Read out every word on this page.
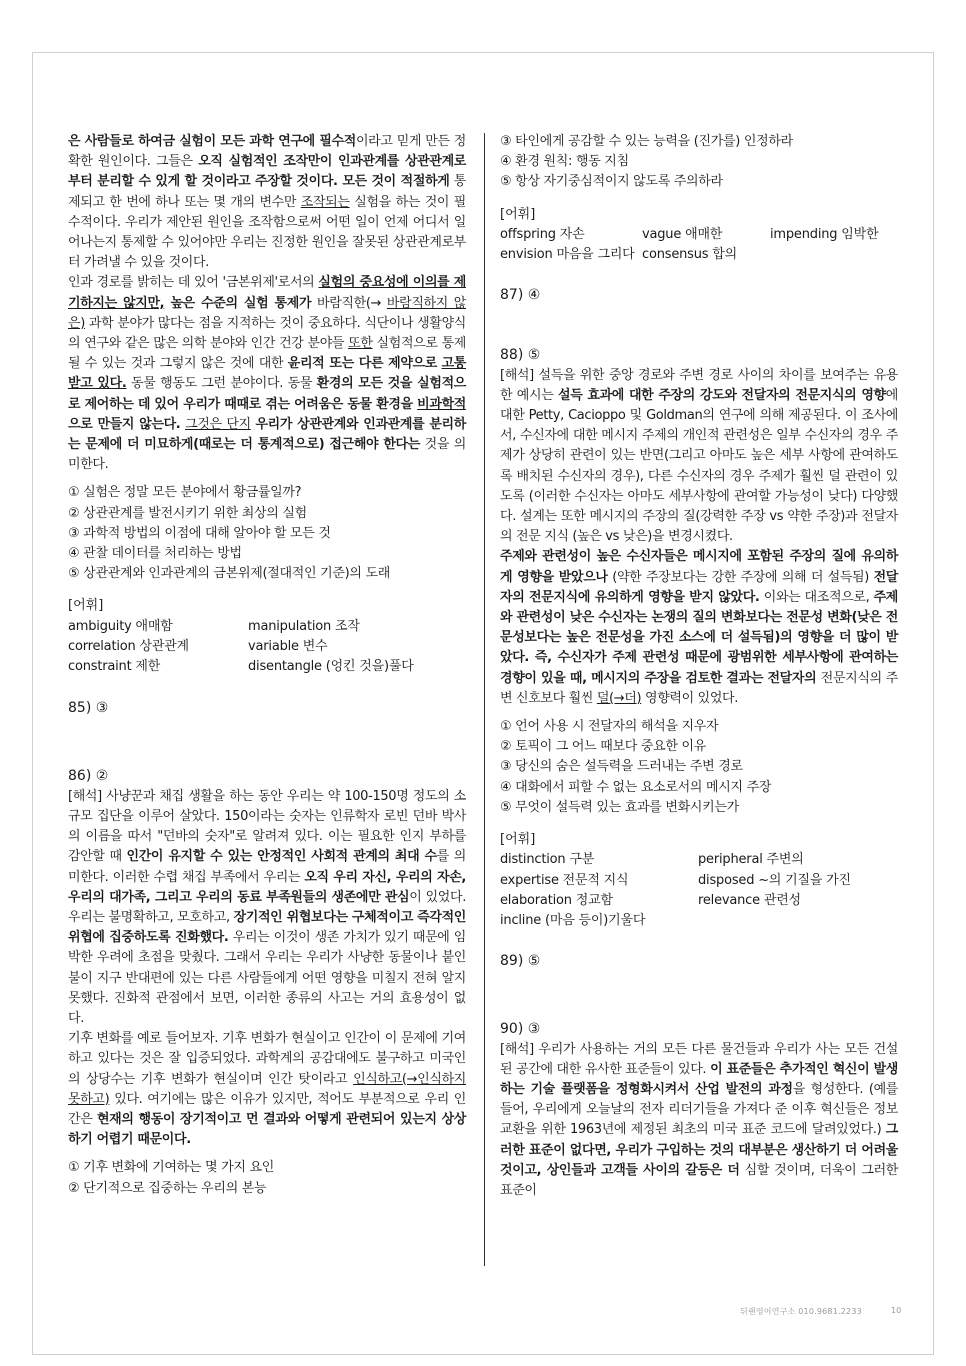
은 사람들로 하여금 실험이 모든 과학 연구에 필수적이라고 믿게 만든 정확한 원인이다. 그들은 오직 실험적인 조작만이 인과관계를 상관관계로부터 분리할 수 있게 할 것이라고 주장할 것이다. 모든 것이 적절하게 통제되고 한 번에 하나 또는 몇 개의 변수만 조작되는 실험을 하는 것이 필수적이다. 우리가 제안된 원인을 조작함으로써 어떤 일이 언제 어디서 일어나는지 통제할 수 있어야만 우리는 진정한 원인을 잘못된 상관관계로부터 가려낼 수 있을 것이다.

인과 경로를 밝히는 데 있어 '금본위제'로서의 실험의 중요성에 이의를 제기하지는 않지만, 높은 수준의 실험 통제가 바람직한(→ 바람직하지 않은) 과학 분야가 많다는 점을 지적하는 것이 중요하다. 식단이나 생활양식의 연구와 같은 많은 의학 분야와 인간 건강 분야들 또한 실험적으로 통제될 수 있는 것과 그렇지 않은 것에 대한 윤리적 또는 다른 제약으로 고통 받고 있다. 동물 행동도 그런 분야이다. 동물 환경의 모든 것을 실험적으로 제어하는 데 있어 우리가 때때로 겪는 어려움은 동물 환경을 비과학적으로 만들지 않는다. 그것은 단지 우리가 상관관계와 인과관계를 분리하는 문제에 더 미묘하게(때로는 더 통계적으로) 접근해야 한다는 것을 의미한다.

① 실험은 정말 모든 분야에서 황금률일까?
② 상관관계를 발전시키기 위한 최상의 실험
③ 과학적 방법의 이점에 대해 알아야 할 모든 것
④ 관찰 데이터를 처리하는 방법
⑤ 상관관계와 인과관계의 금본위제(절대적인 기준)의 도래

[어휘]

ambiguity 애매함	manipulation 조작
correlation 상관관계	variable 변수
constraint 제한	disentangle (엉킨 것을)풀다

85) ③

86) ②

[해석] 사냥꾼과 채집 생활을 하는 동안 우리는 약 100-150명 정도의 소규모 집단을 이루어 살았다. 150이라는 숫자는 인류학자 로빈 던바 박사의 이름을 따서 "던바의 숫자"로 알려져 있다. 이는 필요한 인지 부하를 감안할 때 인간이 유지할 수 있는 안정적인 사회적 관계의 최대 수를 의미한다. 이러한 수렵 채집 부족에서 우리는 오직 우리 자신, 우리의 자손, 우리의 대가족, 그리고 우리의 동료 부족원들의 생존에만 관심이 있었다. 우리는 불명확하고, 모호하고, 장기적인 위협보다는 구체적이고 즉각적인 위협에 집중하도록 진화했다. 우리는 이것이 생존 가치가 있기 때문에 임박한 우려에 초점을 맞췄다. 그래서 우리는 우리가 사냥한 동물이나 붙인 불이 지구 반대편에 있는 다른 사람들에게 어떤 영향을 미칠지 전혀 알지 못했다. 진화적 관점에서 보면, 이러한 종류의 사고는 거의 효용성이 없다.

기후 변화를 예로 들어보자. 기후 변화가 현실이고 인간이 이 문제에 기여하고 있다는 것은 잘 입증되었다. 과학계의 공감대에도 불구하고 미국인의 상당수는 기후 변화가 현실이며 인간 탓이라고 인식하고(→인식하지 못하고) 있다. 여기에는 많은 이유가 있지만, 적어도 부분적으로 우리 인간은 현재의 행동이 장기적이고 먼 결과와 어떻게 관련되어 있는지 상상하기 어렵기 때문이다.

① 기후 변화에 기여하는 몇 가지 요인
② 단기적으로 집중하는 우리의 본능
③ 타인에게 공감할 수 있는 능력을 (진가를) 인정하라
④ 환경 원칙: 행동 지침
⑤ 항상 자기중심적이지 않도록 주의하라

[어휘]

offspring 자손	vague 애매한	impending 임박한
envision 마음을 그리다 consensus 합의

87) ④

88) ⑤

[해석] 설득을 위한 중앙 경로와 주변 경로 사이의 차이를 보여주는 유용한 예시는 설득 효과에 대한 주장의 강도와 전달자의 전문지식의 영향에 대한 Petty, Cacioppo 및 Goldman의 연구에 의해 제공된다. 이 조사에서, 수신자에 대한 메시지 주제의 개인적 관련성은 일부 수신자의 경우 주제가 상당히 관련이 있는 반면(그리고 아마도 높은 세부 사항에 관여하도록 배치된 수신자의 경우), 다른 수신자의 경우 주제가 훨씬 덜 관련이 있도록 (이러한 수신자는 아마도 세부사항에 관여할 가능성이 낮다) 다양했다. 설계는 또한 메시지의 주장의 질(강력한 주장 vs 약한 주장)과 전달자의 전문 지식 (높은 vs 낮은)을 변경시켰다.

주제와 관련성이 높은 수신자들은 메시지에 포함된 주장의 질에 유의하게 영향을 받았으나 (약한 주장보다는 강한 주장에 의해 더 설득됨) 전달자의 전문지식에 유의하게 영향을 받지 않았다. 이와는 대조적으로, 주제와 관련성이 낮은 수신자는 논쟁의 질의 변화보다는 전문성 변화(낮은 전문성보다는 높은 전문성을 가진 소스에 더 설득됨)의 영향을 더 많이 받았다. 즉, 수신자가 주제 관련성 때문에 광범위한 세부사항에 관여하는 경향이 있을 때, 메시지의 주장을 검토한 결과는 전달자의 전문지식의 주변 신호보다 훨씬 덜(→더) 영향력이 있었다.

① 언어 사용 시 전달자의 해석을 지우자
② 토픽이 그 어느 때보다 중요한 이유
③ 당신의 숨은 설득력을 드러내는 주변 경로
④ 대화에서 피할 수 없는 요소로서의 메시지 주장
⑤ 무엇이 설득력 있는 효과를 변화시키는가

[어휘]

distinction 구분	peripheral 주변의
expertise 전문적 지식	disposed ~의 기질을 가진
elaboration 정교함	relevance 관련성
incline (마음 등이)기울다

89) ⑤

90) ③

[해석] 우리가 사용하는 거의 모든 다른 물건들과 우리가 사는 모든 건설된 공간에 대한 유사한 표준들이 있다. 이 표준들은 추가적인 혁신이 발생하는 기술 플랫폼을 정형화시켜서 산업 발전의 과정을 형성한다. (예를 들어, 우리에게 오늘날의 전자 리더기들을 가져다 준 이후 혁신들은 정보 교환을 위한 1963년에 제정된 최초의 미국 표준 코드에 달려있었다.) 그러한 표준이 없다면, 우리가 구입하는 것의 대부분은 생산하기 더 어려울 것이고, 상인들과 고객들 사이의 갈등은 더 심할 것이며, 더욱이 그러한 표준이

뒤랜영어연구소 010.9681.2233	10
